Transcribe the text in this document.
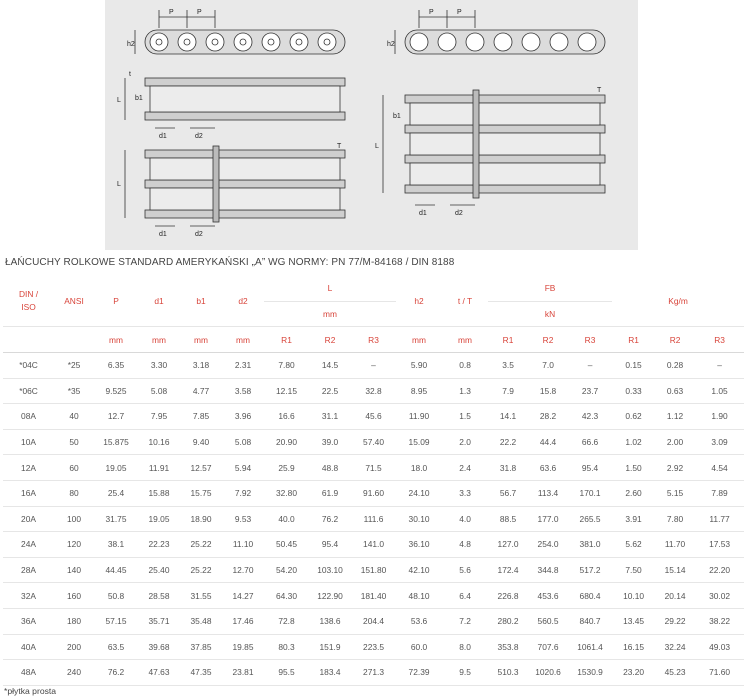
P	P
h2
P	P
h2
t
L b1
d1	d2
T
L
d1	d2
T
L
b1
d1	d2
ŁAŃCUCHY ROLKOWE STANDARD AMERYKAŃSKI „A” WG NORMY: PN 77/M-84168 / DIN 8188
DIN /
ISO	ANSI	P	d1	b1	d2	L			h2	t / T	FB			Kg/m		
						mm					kN					
		mm	mm	mm	mm	R1	R2	R3	mm	mm	R1	R2	R3	R1	R2	R3
*04C	*25	6.35	3.30	3.18	2.31	7.80	14.5	–	5.90	0.8	3.5	7.0	–	0.15	0.28	–
*06C	*35	9.525	5.08	4.77	3.58	12.15	22.5	32.8	8.95	1.3	7.9	15.8	23.7	0.33	0.63	1.05
08A	40	12.7	7.95	7.85	3.96	16.6	31.1	45.6	11.90	1.5	14.1	28.2	42.3	0.62	1.12	1.90
10A	50	15.875	10.16	9.40	5.08	20.90	39.0	57.40	15.09	2.0	22.2	44.4	66.6	1.02	2.00	3.09
12A	60	19.05	11.91	12.57	5.94	25.9	48.8	71.5	18.0	2.4	31.8	63.6	95.4	1.50	2.92	4.54
16A	80	25.4	15.88	15.75	7.92	32.80	61.9	91.60	24.10	3.3	56.7	113.4	170.1	2.60	5.15	7.89
20A	100	31.75	19.05	18.90	9.53	40.0	76.2	111.6	30.10	4.0	88.5	177.0	265.5	3.91	7.80	11.77
24A	120	38.1	22.23	25.22	11.10	50.45	95.4	141.0	36.10	4.8	127.0	254.0	381.0	5.62	11.70	17.53
28A	140	44.45	25.40	25.22	12.70	54.20	103.10	151.80	42.10	5.6	172.4	344.8	517.2	7.50	15.14	22.20
32A	160	50.8	28.58	31.55	14.27	64.30	122.90	181.40	48.10	6.4	226.8	453.6	680.4	10.10	20.14	30.02
36A	180	57.15	35.71	35.48	17.46	72.8	138.6	204.4	53.6	7.2	280.2	560.5	840.7	13.45	29.22	38.22
40A	200	63.5	39.68	37.85	19.85	80.3	151.9	223.5	60.0	8.0	353.8	707.6	1061.4	16.15	32.24	49.03
48A	240	76.2	47.63	47.35	23.81	95.5	183.4	271.3	72.39	9.5	510.3	1020.6	1530.9	23.20	45.23	71.60
*płytka prosta
